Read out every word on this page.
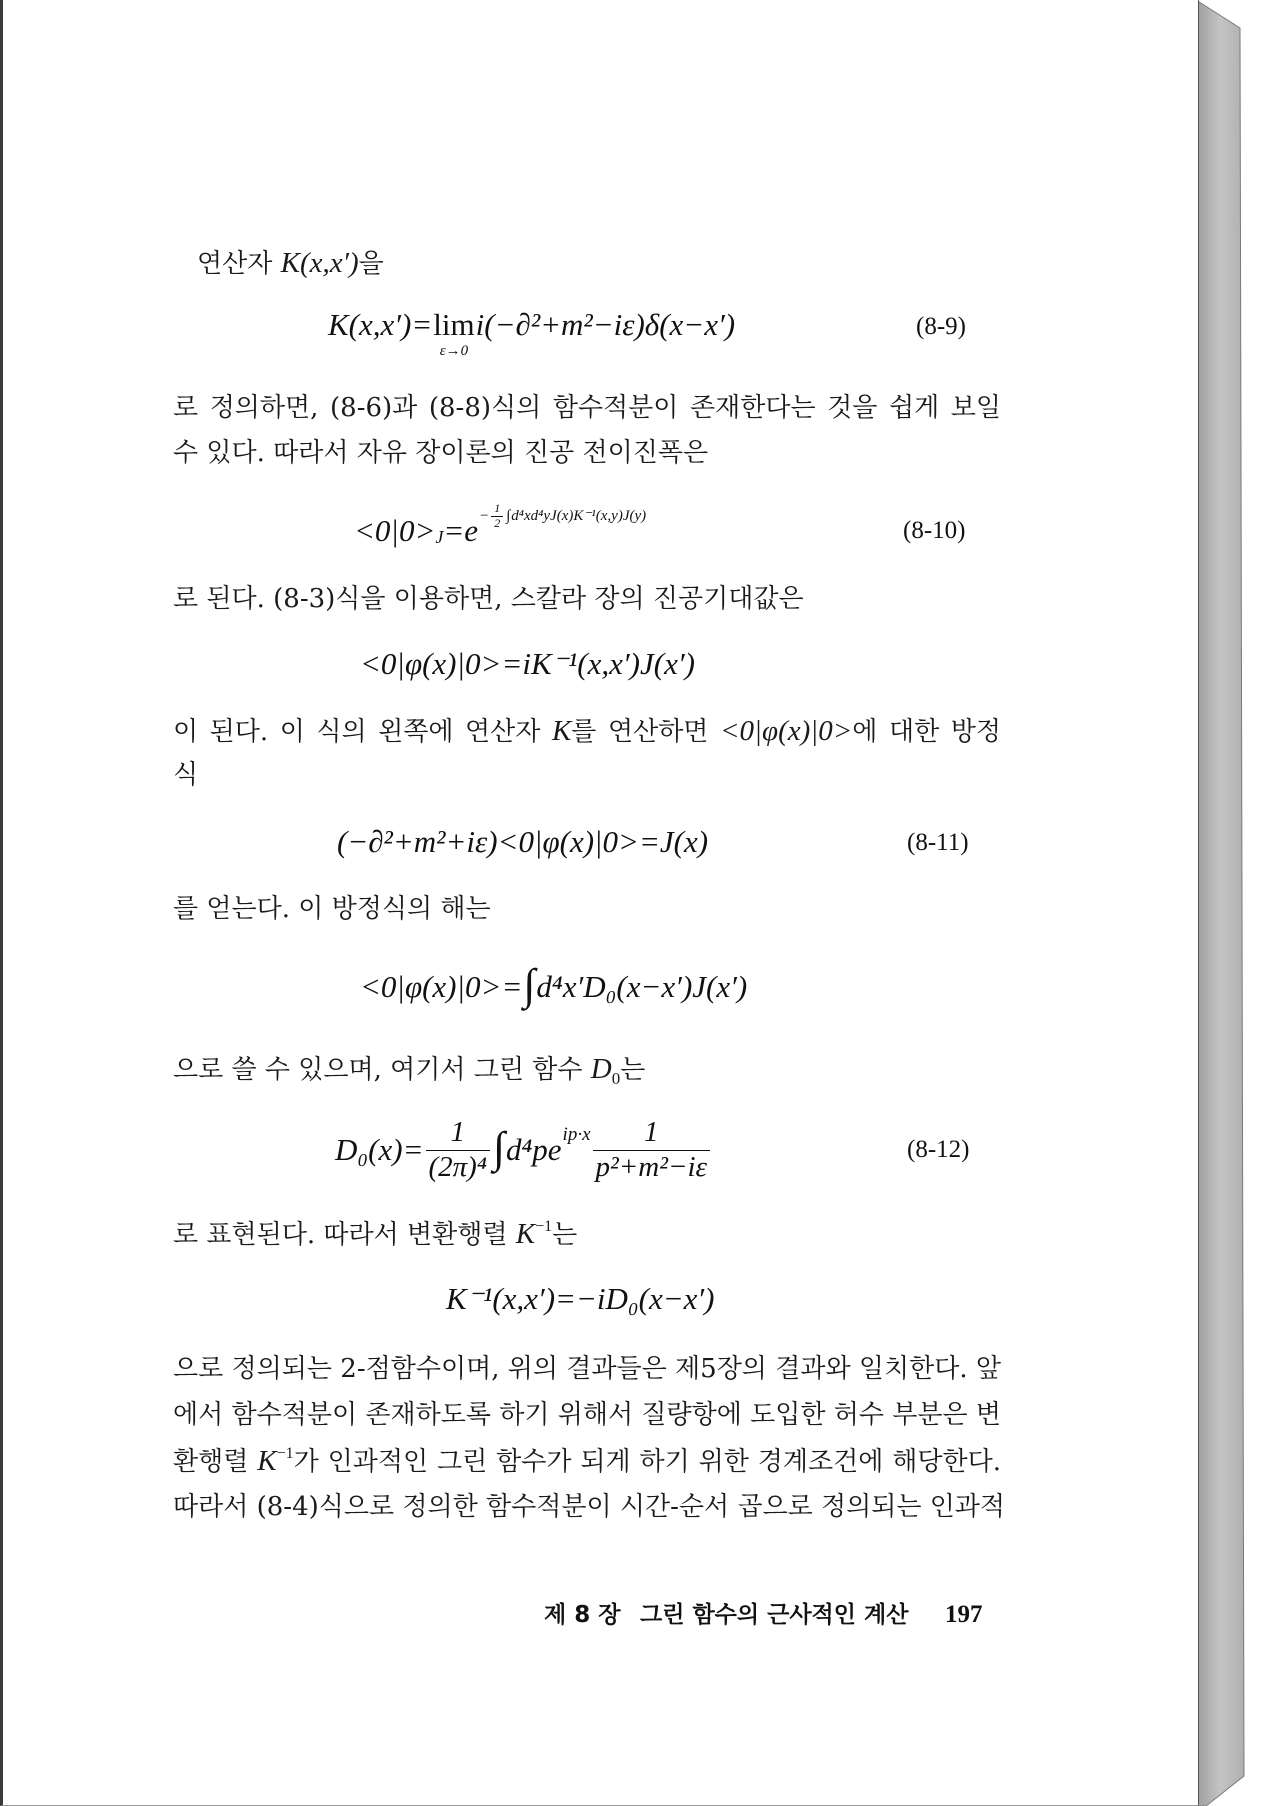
연산자 K(x,x′)을
K(x,x′)= lim
ε→0
i(−∂²+m²−iε)δ(x−x′)	(8-9)
로 정의하면, (8-6)과 (8-8)식의 함수적분이 존재한다는 것을 쉽게 보일
수 있다. 따라서 자유 장이론의 진공 전이진폭은
$<0|0> J =e - \frac{1}{2}$ ∫ d⁴xd⁴yJ(x)K⁻¹(x,y)J(y)
(8-10)
로 된다. (8-3)식을 이용하면, 스칼라 장의 진공기대값은
<0|φ(x)|0>=iK⁻¹(x,x′)J(x′)
이 된다. 이 식의 왼쪽에 연산자 K를 연산하면 <0|φ(x)|0>에 대한 방정
식
(−∂²+m²+iε)<0|φ(x)|0>=J(x)	(8-11)
를 얻는다. 이 방정식의 해는
<0|φ(x)|0>= ∫ d⁴x′D₀(x−x′)J(x′)
으로 쓸 수 있으며, 여기서 그린 함수 $D_0$는
$D_0(x)= \frac{1}{\text{(2π)⁴}}$ ∫ d⁴pe $ip\cdot x \frac{1}{\text{p²+m²−iε}}$	(8-12)
로 표현된다. 따라서 변환행렬 $K^{-1}$는
K⁻¹(x,x′)=−iD₀(x−x′)
으로 정의되는 2-점함수이며, 위의 결과들은 제5장의 결과와 일치한다. 앞
에서 함수적분이 존재하도록 하기 위해서 질량항에 도입한 허수 부분은 변
환행렬 $K^{-1}$가 인과적인 그린 함수가 되게 하기 위한 경계조건에 해당한다.
따라서 (8-4)식으로 정의한 함수적분이 시간-순서 곱으로 정의되는 인과적
제 8 장 그린 함수의 근사적인 계산 197
